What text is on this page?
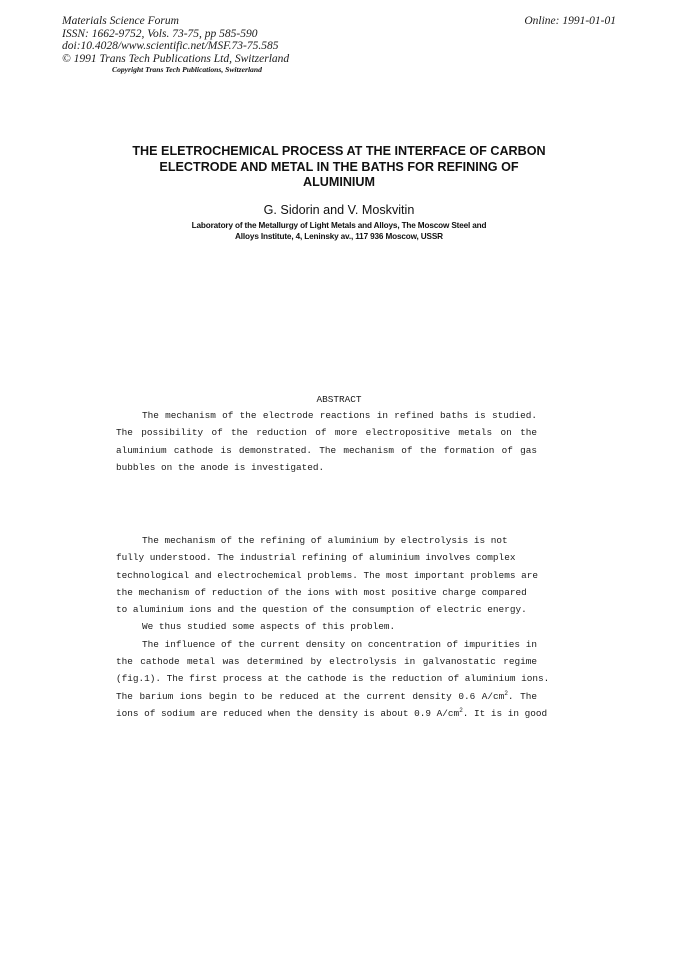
Materials Science Forum
ISSN: 1662-9752, Vols. 73-75, pp 585-590
doi:10.4028/www.scientific.net/MSF.73-75.585
© 1991 Trans Tech Publications Ltd, Switzerland
Online: 1991-01-01
Copyright Trans Tech Publications, Switzerland
THE ELETROCHEMICAL PROCESS AT THE INTERFACE OF CARBON
ELECTRODE AND METAL IN THE BATHS FOR REFINING OF
ALUMINIUM
G. Sidorin and V. Moskvitin
Laboratory of the Metallurgy of Light Metals and Alloys, The Moscow Steel and
Alloys Institute, 4, Leninsky av., 117 936 Moscow, USSR
ABSTRACT
The mechanism of the electrode reactions in refined baths is studied.
The possibility of the reduction of more electropositive metals on the
aluminium cathode is demonstrated. The mechanism of the formation of gas
bubbles on the anode is investigated.
The mechanism of the refining of aluminium by electrolysis is not
fully understood. The industrial refining of aluminium involves complex
technological and electrochemical problems. The most important problems are
the mechanism of reduction of the ions with most positive charge compared
to aluminium ions and the question of the consumption of electric energy.
We thus studied some aspects of this problem.
The influence of the current density on concentration of impurities in
the cathode metal was determined by electrolysis in galvanostatic regime
(fig.1). The first process at the cathode is the reduction of aluminium ions.
The barium ions begin to be reduced at the current density 0.6 $A/cm^2$. The
ions of sodium are reduced when the density is about 0.9 $A/cm^2$. It is in good
